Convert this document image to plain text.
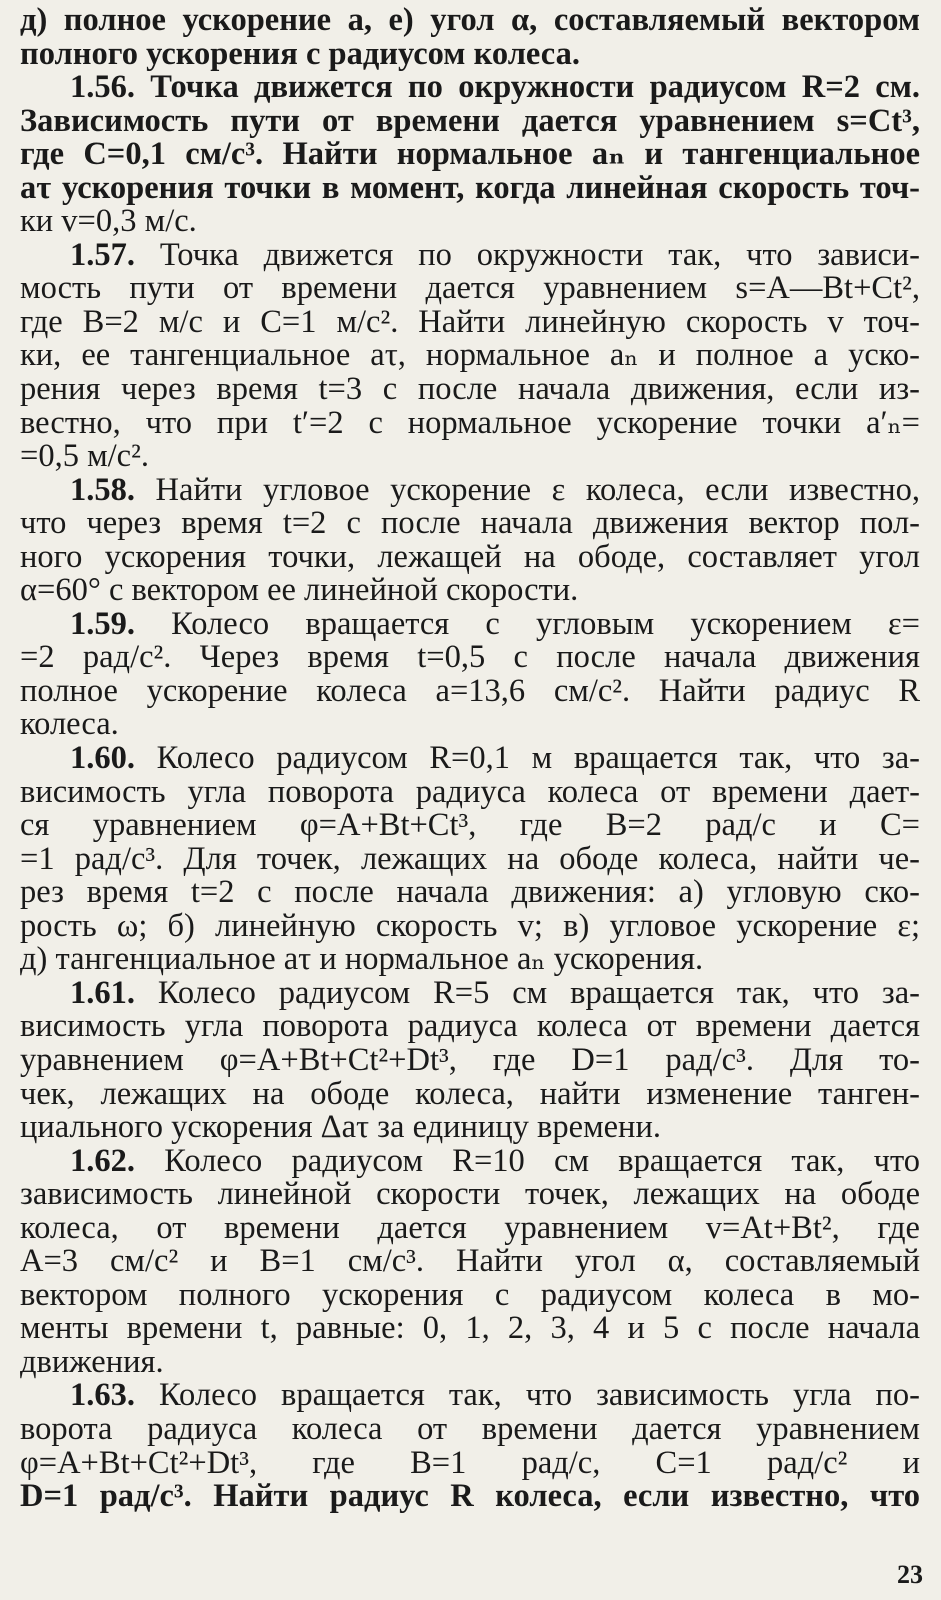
д) полное ускорение a, е) угол α, составляемый вектором
полного ускорения с радиусом колеса.
1.56. Точка движется по окружности радиусом R=2 см.
Зависимость пути от времени дается уравнением s=Ct³,
где C=0,1 см/с³. Найти нормальное aₙ и тангенциальное
aτ ускорения точки в момент, когда линейная скорость точ-
ки v=0,3 м/с.
1.57. Точка движется по окружности так, что зависи-
мость пути от времени дается уравнением s=A—Bt+Ct²,
где B=2 м/с и C=1 м/с². Найти линейную скорость v точ-
ки, ее тангенциальное aτ, нормальное aₙ и полное a уско-
рения через время t=3 с после начала движения, если из-
вестно, что при t′=2 с нормальное ускорение точки a′ₙ=
=0,5 м/с².
1.58. Найти угловое ускорение ε колеса, если известно,
что через время t=2 с после начала движения вектор пол-
ного ускорения точки, лежащей на ободе, составляет угол
α=60° с вектором ее линейной скорости.
1.59. Колесо вращается с угловым ускорением ε=
=2 рад/с². Через время t=0,5 с после начала движения
полное ускорение колеса a=13,6 см/с². Найти радиус R
колеса.
1.60. Колесо радиусом R=0,1 м вращается так, что за-
висимость угла поворота радиуса колеса от времени дает-
ся уравнением φ=A+Bt+Ct³, где B=2 рад/с и C=
=1 рад/с³. Для точек, лежащих на ободе колеса, найти че-
рез время t=2 с после начала движения: а) угловую ско-
рость ω; б) линейную скорость v; в) угловое ускорение ε;
д) тангенциальное aτ и нормальное aₙ ускорения.
1.61. Колесо радиусом R=5 см вращается так, что за-
висимость угла поворота радиуса колеса от времени дается
уравнением φ=A+Bt+Ct²+Dt³, где D=1 рад/с³. Для то-
чек, лежащих на ободе колеса, найти изменение танген-
циального ускорения Δaτ за единицу времени.
1.62. Колесо радиусом R=10 см вращается так, что
зависимость линейной скорости точек, лежащих на ободе
колеса, от времени дается уравнением v=At+Bt², где
A=3 см/с² и B=1 см/с³. Найти угол α, составляемый
вектором полного ускорения с радиусом колеса в мо-
менты времени t, равные: 0, 1, 2, 3, 4 и 5 с после начала
движения.
1.63. Колесо вращается так, что зависимость угла по-
ворота радиуса колеса от времени дается уравнением
φ=A+Bt+Ct²+Dt³, где B=1 рад/с, C=1 рад/с² и
D=1 рад/с³. Найти радиус R колеса, если известно, что
23
